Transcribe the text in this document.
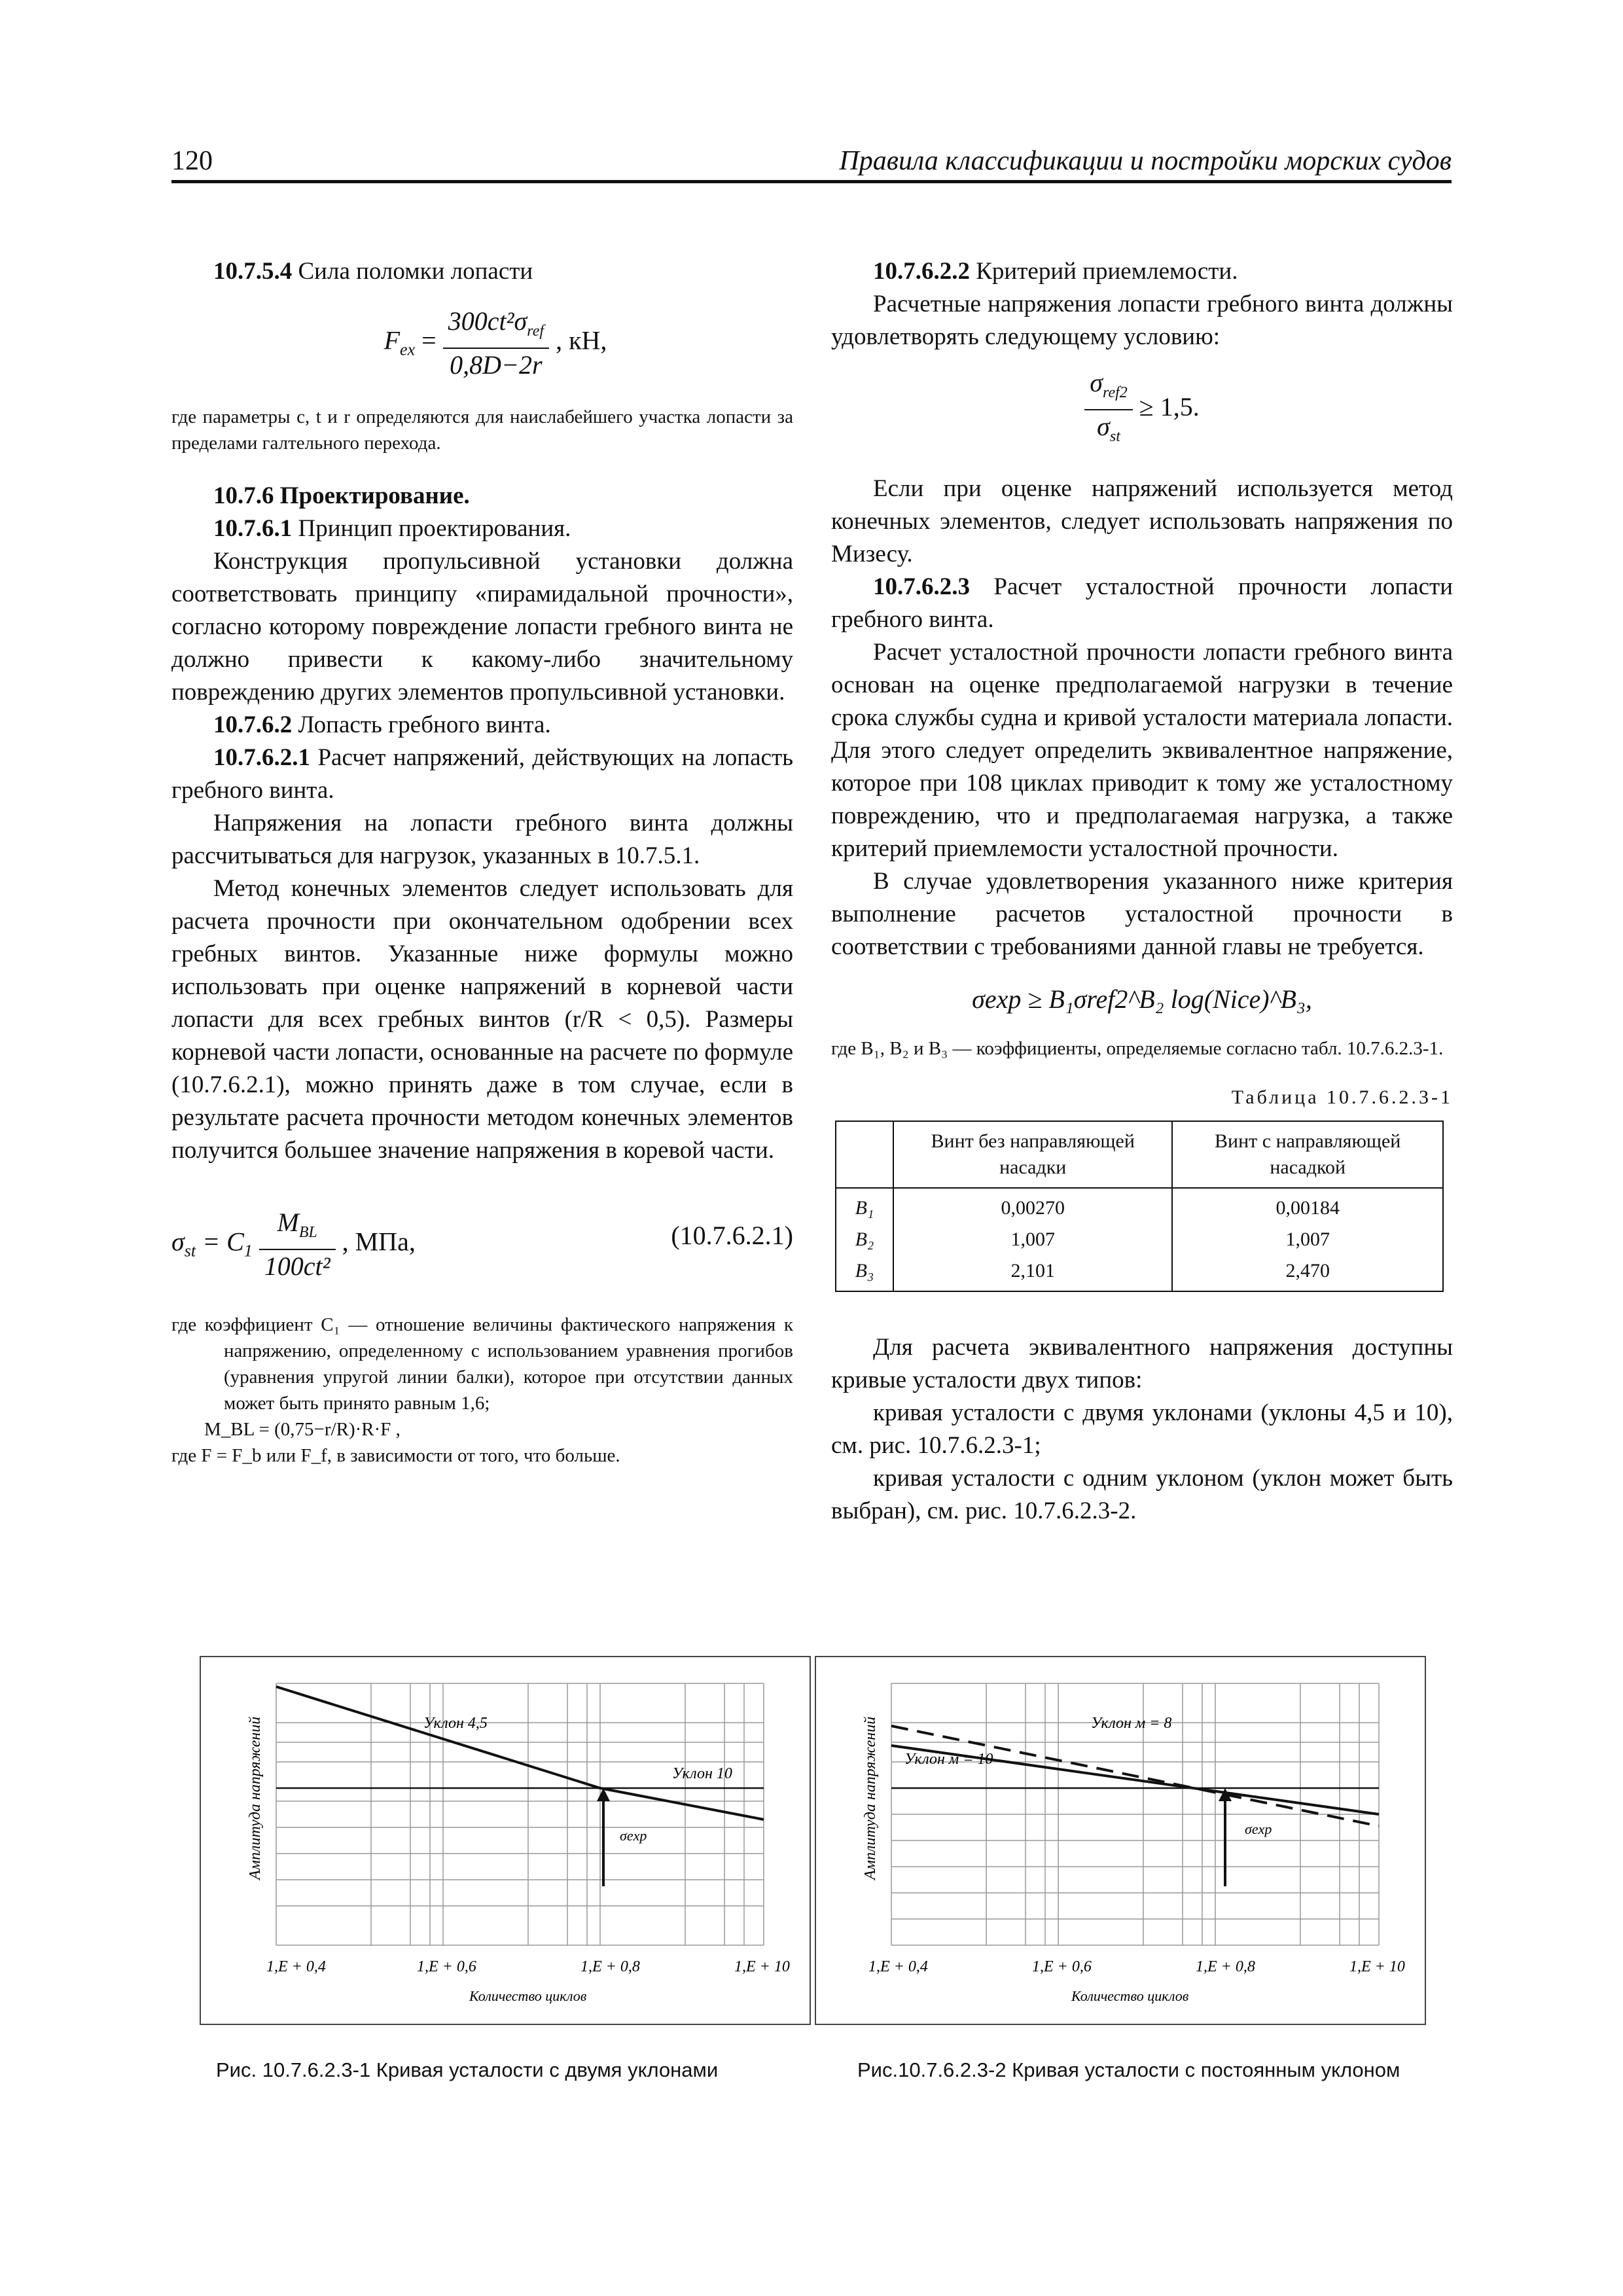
120	Правила классификации и постройки морских судов

10.7.5.4 Сила поломки лопасти

$F_{ex} = \frac{300ct^2\sigma_{ref}}{0,8D-2r}$ , кН,

где параметры c, t и r определяются для наислабейшего участка лопасти за пределами галтельного перехода.

10.7.6 Проектирование.

10.7.6.1 Принцип проектирования.

Конструкция пропульсивной установки должна соответствовать принципу «пирамидальной прочности», согласно которому повреждение лопасти гребного винта не должно привести к какому-либо значительному повреждению других элементов пропульсивной установки.

10.7.6.2 Лопасть гребного винта.

10.7.6.2.1 Расчет напряжений, действующих на лопасть гребного винта.

Напряжения на лопасти гребного винта должны рассчитываться для нагрузок, указанных в 10.7.5.1.

Метод конечных элементов следует использовать для расчета прочности при окончательном одобрении всех гребных винтов. Указанные ниже формулы можно использовать при оценке напряжений в корневой части лопасти для всех гребных винтов (r/R < 0,5). Размеры корневой части лопасти, основанные на расчете по формуле (10.7.6.2.1), можно принять даже в том случае, если в результате расчета прочности методом конечных элементов получится большее значение напряжения в коревой части.

$\sigma_{st} = C_1 \frac{M_{BL}}{\text{100ct²}}$ , МПа,	(10.7.6.2.1)

где коэффициент C₁ — отношение величины фактического напряжения к напряжению, определенному с использованием уравнения прогибов (уравнения упругой линии балки), которое при отсутствии данных может быть принято равным 1,6;

M_BL = (0,75−r/R)·R·F ,

где F = F_b или F_f, в зависимости от того, что больше.

10.7.6.2.2 Критерий приемлемости.

Расчетные напряжения лопасти гребного винта должны удовлетворять следующему условию:

$\frac{\sigma_{ref2}}{\sigma_{st}} \ge 1,5$.

Если при оценке напряжений используется метод конечных элементов, следует использовать напряжения по Мизесу.

10.7.6.2.3 Расчет усталостной прочности лопасти гребного винта.

Расчет усталостной прочности лопасти гребного винта основан на оценке предполагаемой нагрузки в течение срока службы судна и кривой усталости материала лопасти. Для этого следует определить эквивалентное напряжение, которое при 108 циклах приводит к тому же усталостному повреждению, что и предполагаемая нагрузка, а также критерий приемлемости усталостной прочности.

В случае удовлетворения указанного ниже критерия выполнение расчетов усталостной прочности в соответствии с требованиями данной главы не требуется.

σexp ≥ B₁σref2^B₂ log(Nice)^B₃,

где B₁, B₂ и B₃ — коэффициенты, определяемые согласно табл. 10.7.6.2.3-1.

Таблица 10.7.6.2.3-1
	Винт без направляющей насадки	Винт с направляющей насадкой
B₁	0,00270	0,00184
B₂	1,007	1,007
B₃	2,101	2,470

Для расчета эквивалентного напряжения доступны кривые усталости двух типов:

кривая усталости с двумя уклонами (уклоны 4,5 и 10), см. рис. 10.7.6.2.3-1;

кривая усталости с одним уклоном (уклон может быть выбран), см. рис. 10.7.6.2.3-2.

Уклон 4,5
Уклон 10
σexp
Амплитуда напряжений
1,E + 0,4	1,E + 0,6	1,E + 0,8	1,E + 10
Количество циклов
Рис. 10.7.6.2.3-1 Кривая усталости с двумя уклонами
Уклон м = 8
Уклон м = 10
σexp
Амплитуда напряжений
1,E + 0,4	1,E + 0,6	1,E + 0,8	1,E + 10
Количество циклов
Рис.10.7.6.2.3-2 Кривая усталости с постоянным уклоном
